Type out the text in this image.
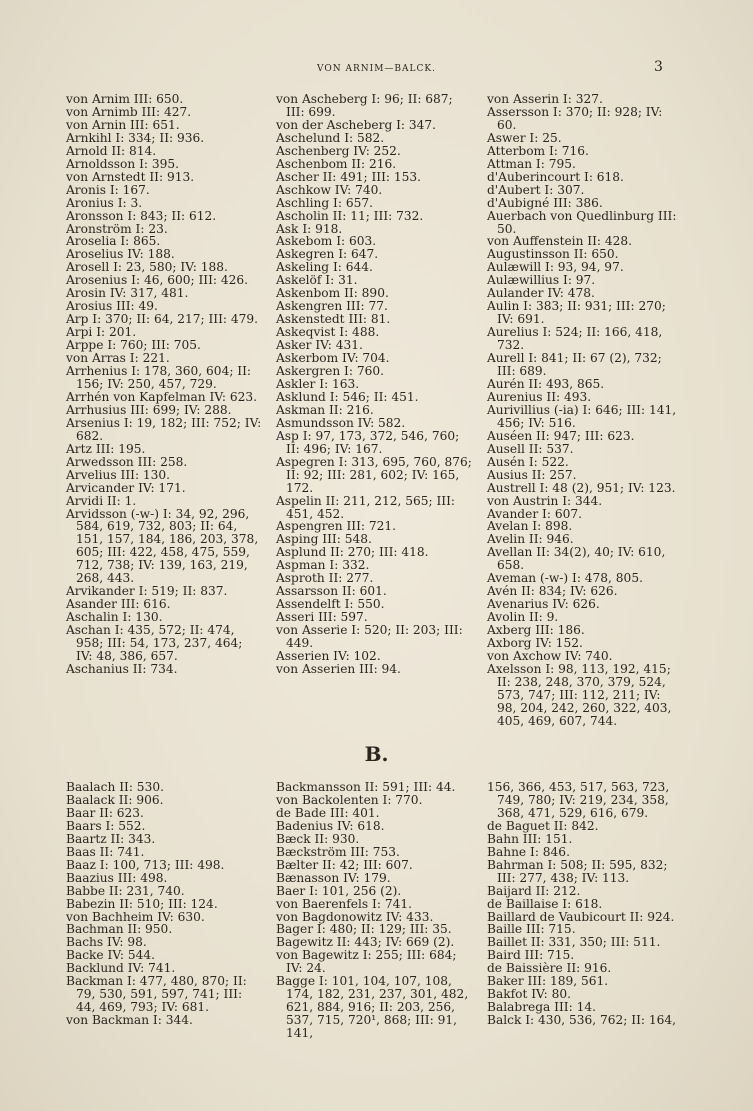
VON ARNIM—BALCK.	3
von Arnim III: 650.
von Arnimb III: 427.
von Arnin III: 651.
Arnkihl I: 334; II: 936.
Arnold II: 814.
Arnoldsson I: 395.
von Arnstedt II: 913.
Aronis I: 167.
Aronius I: 3.
Aronsson I: 843; II: 612.
Aronström I: 23.
Aroselia I: 865.
Aroselius IV: 188.
Arosell I: 23, 580; IV: 188.
Arosenius I: 46, 600; III: 426.
Arosin IV: 317, 481.
Arosius III: 49.
Arp I: 370; II: 64, 217; III: 479.
Arpi I: 201.
Arppe I: 760; III: 705.
von Arras I: 221.
Arrhenius I: 178, 360, 604; II: 156; IV: 250, 457, 729.
Arrhén von Kapfelman IV: 623.
Arrhusius III: 699; IV: 288.
Arsenius I: 19, 182; III: 752; IV: 682.
Artz III: 195.
Arwedsson III: 258.
Arvelius III: 130.
Arvicander IV: 171.
Arvidi II: 1.
Arvidsson (-w-) I: 34, 92, 296, 584, 619, 732, 803; II: 64, 151, 157, 184, 186, 203, 378, 605; III: 422, 458, 475, 559, 712, 738; IV: 139, 163, 219, 268, 443.
Arvikander I: 519; II: 837.
Asander III: 616.
Aschalin I: 130.
Aschan I: 435, 572; II: 474, 958; III: 54, 173, 237, 464; IV: 48, 386, 657.
Aschanius II: 734.
von Ascheberg I: 96; II: 687; III: 699.
von der Ascheberg I: 347.
Aschelund I: 582.
Aschenberg IV: 252.
Aschenbom II: 216.
Ascher II: 491; III: 153.
Aschkow IV: 740.
Aschling I: 657.
Ascholin II: 11; III: 732.
Ask I: 918.
Askebom I: 603.
Askegren I: 647.
Askeling I: 644.
Askelöf I: 31.
Askenbom II: 890.
Askengren III: 77.
Askenstedt III: 81.
Askeqvist I: 488.
Asker IV: 431.
Askerbom IV: 704.
Askergren I: 760.
Askler I: 163.
Asklund I: 546; II: 451.
Askman II: 216.
Asmundsson IV: 582.
Asp I: 97, 173, 372, 546, 760; II: 496; IV: 167.
Aspegren I: 313, 695, 760, 876; II: 92; III: 281, 602; IV: 165, 172.
Aspelin II: 211, 212, 565; III: 451, 452.
Aspengren III: 721.
Asping III: 548.
Asplund II: 270; III: 418.
Aspman I: 332.
Asproth II: 277.
Assarsson II: 601.
Assendelft I: 550.
Asseri III: 597.
von Asserie I: 520; II: 203; III: 449.
Asserien IV: 102.
von Asserien III: 94.
von Asserin I: 327.
Assersson I: 370; II: 928; IV: 60.
Aswer I: 25.
Atterbom I: 716.
Attman I: 795.
d'Auberincourt I: 618.
d'Aubert I: 307.
d'Aubigné III: 386.
Auerbach von Quedlinburg III: 50.
von Auffenstein II: 428.
Augustinsson II: 650.
Aulæwill I: 93, 94, 97.
Aulæwillius I: 97.
Aulander IV: 478.
Aulin I: 383; II: 931; III: 270; IV: 691.
Aurelius I: 524; II: 166, 418, 732.
Aurell I: 841; II: 67 (2), 732; III: 689.
Aurén II: 493, 865.
Aurenius II: 493.
Aurivillius (-ia) I: 646; III: 141, 456; IV: 516.
Auséen II: 947; III: 623.
Ausell II: 537.
Ausén I: 522.
Ausius II: 257.
Austrell I: 48 (2), 951; IV: 123.
von Austrin I: 344.
Avander I: 607.
Avelan I: 898.
Avelin II: 946.
Avellan II: 34(2), 40; IV: 610, 658.
Aveman (-w-) I: 478, 805.
Avén II: 834; IV: 626.
Avenarius IV: 626.
Avolin II: 9.
Axberg III: 186.
Axborg IV: 152.
von Axchow IV: 740.
Axelsson I: 98, 113, 192, 415; II: 238, 248, 370, 379, 524, 573, 747; III: 112, 211; IV: 98, 204, 242, 260, 322, 403, 405, 469, 607, 744.
B.
Baalach II: 530.
Baalack II: 906.
Baar II: 623.
Baars I: 552.
Baartz II: 343.
Baas II: 741.
Baaz I: 100, 713; III: 498.
Baazius III: 498.
Babbe II: 231, 740.
Babezin II: 510; III: 124.
von Bachheim IV: 630.
Bachman II: 950.
Bachs IV: 98.
Backe IV: 544.
Backlund IV: 741.
Backman I: 477, 480, 870; II: 79, 530, 591, 597, 741; III: 44, 469, 793; IV: 681.
von Backman I: 344.
Backmansson II: 591; III: 44.
von Backolenten I: 770.
de Bade III: 401.
Badenius IV: 618.
Bæck II: 930.
Bæckström III: 753.
Bælter II: 42; III: 607.
Bænasson IV: 179.
Baer I: 101, 256 (2).
von Baerenfels I: 741.
von Bagdonowitz IV: 433.
Bager I: 480; II: 129; III: 35.
Bagewitz II: 443; IV: 669 (2).
von Bagewitz I: 255; III: 684; IV: 24.
Bagge I: 101, 104, 107, 108, 174, 182, 231, 237, 301, 482, 621, 884, 916; II: 203, 256, 537, 715, 720¹, 868; III: 91, 141,
156, 366, 453, 517, 563, 723, 749, 780; IV: 219, 234, 358, 368, 471, 529, 616, 679.
de Baguet II: 842.
Bahn III: 151.
Bahne I: 846.
Bahrman I: 508; II: 595, 832; III: 277, 438; IV: 113.
Baijard II: 212.
de Baillaise I: 618.
Baillard de Vaubicourt II: 924.
Baille III: 715.
Baillet II: 331, 350; III: 511.
Baird III: 715.
de Baissière II: 916.
Baker III: 189, 561.
Bakfot IV: 80.
Balabrega III: 14.
Balck I: 430, 536, 762; II: 164,
